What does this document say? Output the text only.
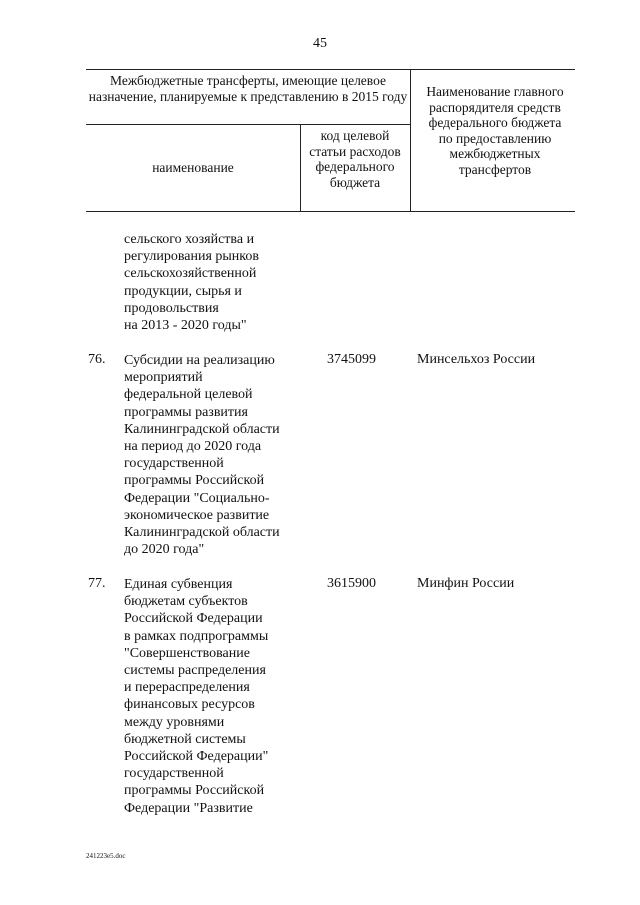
45
Межбюджетные трансферты, имеющие целевое назначение, планируемые к представлению в 2015 году
наименование
код целевой статьи расходов федерального бюджета
Наименование главного распорядителя средств федерального бюджета по предоставлению межбюджетных трансфертов
сельского хозяйства и
регулирования рынков
сельскохозяйственной
продукции, сырья и
продовольствия
на 2013 - 2020 годы"
76. Субсидии на реализацию
мероприятий
федеральной целевой
программы развития
Калининградской области
на период до 2020 года
государственной
программы Российской
Федерации "Социально-
экономическое развитие
Калининградской области
до 2020 года"
3745099	Минсельхоз России
77. Единая субвенция
бюджетам субъектов
Российской Федерации
в рамках подпрограммы
"Совершенствование
системы распределения
и перераспределения
финансовых ресурсов
между уровнями
бюджетной системы
Российской Федерации"
государственной
программы Российской
Федерации "Развитие
3615900	Минфин России
241223e5.doc
